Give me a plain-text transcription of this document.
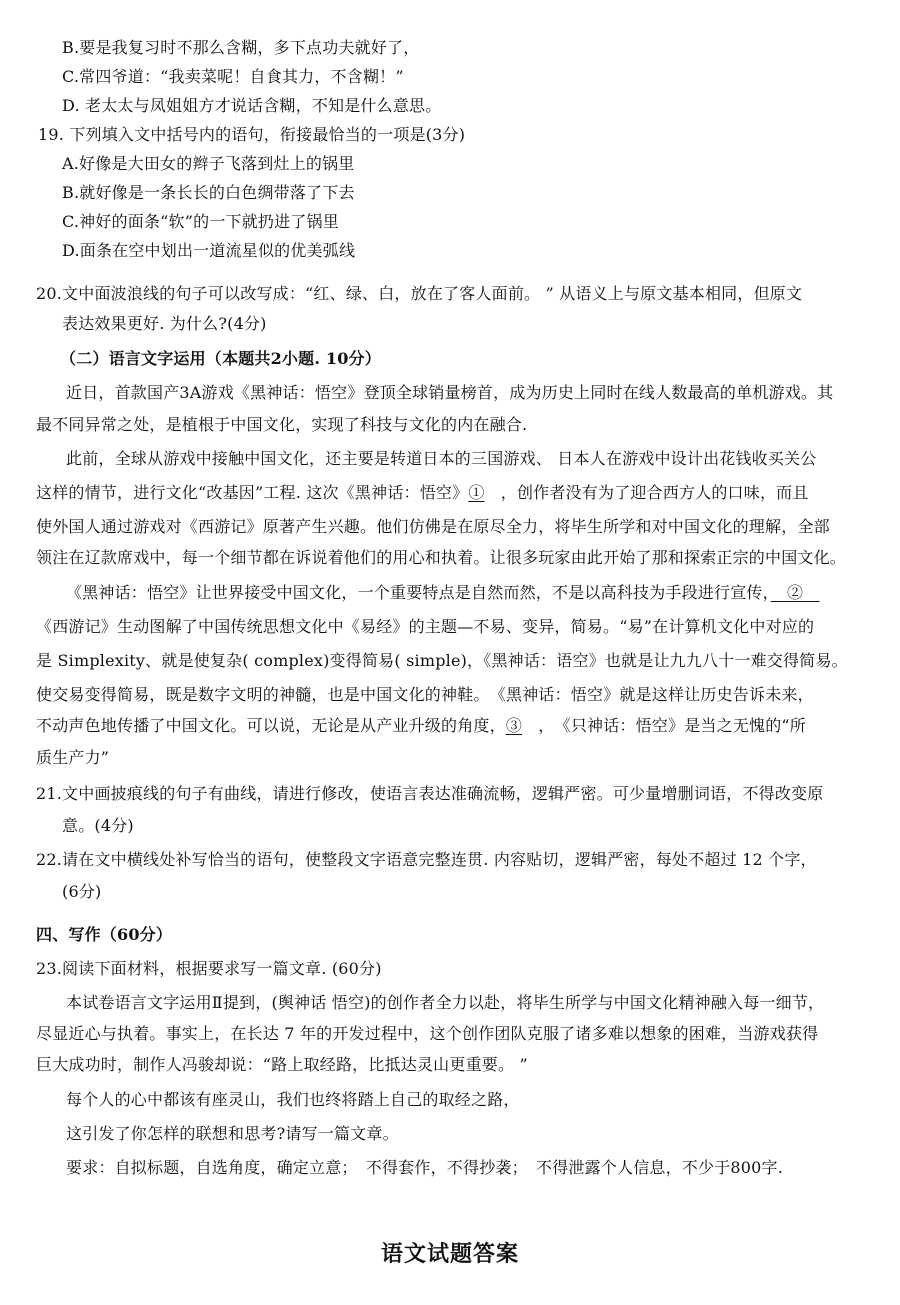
B.要是我复习时不那么含糊，多下点功夫就好了，
C.常四爷道：“我卖菜呢！自食其力，不含糊！”
D. 老太太与凤姐姐方才说话含糊，不知是什么意思。
19. 下列填入文中括号内的语句，衔接最恰当的一项是(3分)
A.好像是大田女的辫子飞落到灶上的锅里
B.就好像是一条长长的白色绸带落了下去
C.神好的面条“软”的一下就扔进了锅里
D.面条在空中划出一道流星似的优美弧线
20.文中面波浪线的句子可以改写成：“红、绿、白，放在了客人面前。 ” 从语义上与原文基本相同，但原文
表达效果更好. 为什么?(4分)
（二）语言文字运用（本题共2小题. 10分）
近日，首款国产3A游戏《黑神话：悟空》登顶全球销量榜首，成为历史上同时在线人数最高的单机游戏。其
最不同异常之处，是植根于中国文化，实现了科技与文化的内在融合.
此前，全球从游戏中接触中国文化，还主要是转道日本的三国游戏、 日本人在游戏中设计出花钱收买关公
这样的情节，进行文化“改基因”工程. 这次《黑神话：悟空》①　 ，创作者没有为了迎合西方人的口味，而且
使外国人通过游戏对《西游记》原著产生兴趣。他们仿佛是在原尽全力，将毕生所学和对中国文化的理解，全部
领注在辽款席戏中，每一个细节都在诉说着他们的用心和执着。让很多玩家由此开始了那和探索正宗的中国文化。
《黑神话：悟空》让世界接受中国文化，一个重要特点是自然而然，不是以高科技为手段进行宣传，　 ②　
《西游记》生动图解了中国传统思想文化中《易经》的主题—不易、变异，简易。“易”在计算机文化中对应的
是 Simplexity、就是使复杂( complex)变得简易( simple)，《黑神话：语空》也就是让九九八十一难交得简易。
使交易变得简易，既是数字文明的神髓，也是中国文化的神鞋。　《黑神话：悟空》就是这样让历史告诉未来，
不动声色地传播了中国文化。可以说，无论是从产业升级的角度，③　 ，　《只神话：悟空》是当之无愧的“所
质生产力”
21.文中画披痕线的句子有曲线，请进行修改，使语言表达准确流畅，逻辑严密。可少量增删词语，不得改变原
意。(4分)
22.请在文中横线处补写恰当的语句，使整段文字语意完整连贯. 内容贴切，逻辑严密，每处不超过 12 个字，
(6分)
四、写作（60分）
23.阅读下面材料，根据要求写一篇文章. (60分)
本试卷语言文字运用Ⅱ提到，(舆神话 悟空)的创作者全力以赴，将毕生所学与中国文化精神融入每一细节，
尽显近心与执着。事实上，在长达 7 年的开发过程中，这个创作团队克服了诸多难以想象的困难，当游戏获得
巨大成功时，制作人冯骏却说：“路上取经路，比抵达灵山更重要。 ”
每个人的心中都该有座灵山，我们也终将踏上自己的取经之路，
这引发了你怎样的联想和思考?请写一篇文章。
要求：自拟标题，自选角度，确定立意；　不得套作，不得抄袭；　不得泄露个人信息，不少于800字.
语文试题答案
